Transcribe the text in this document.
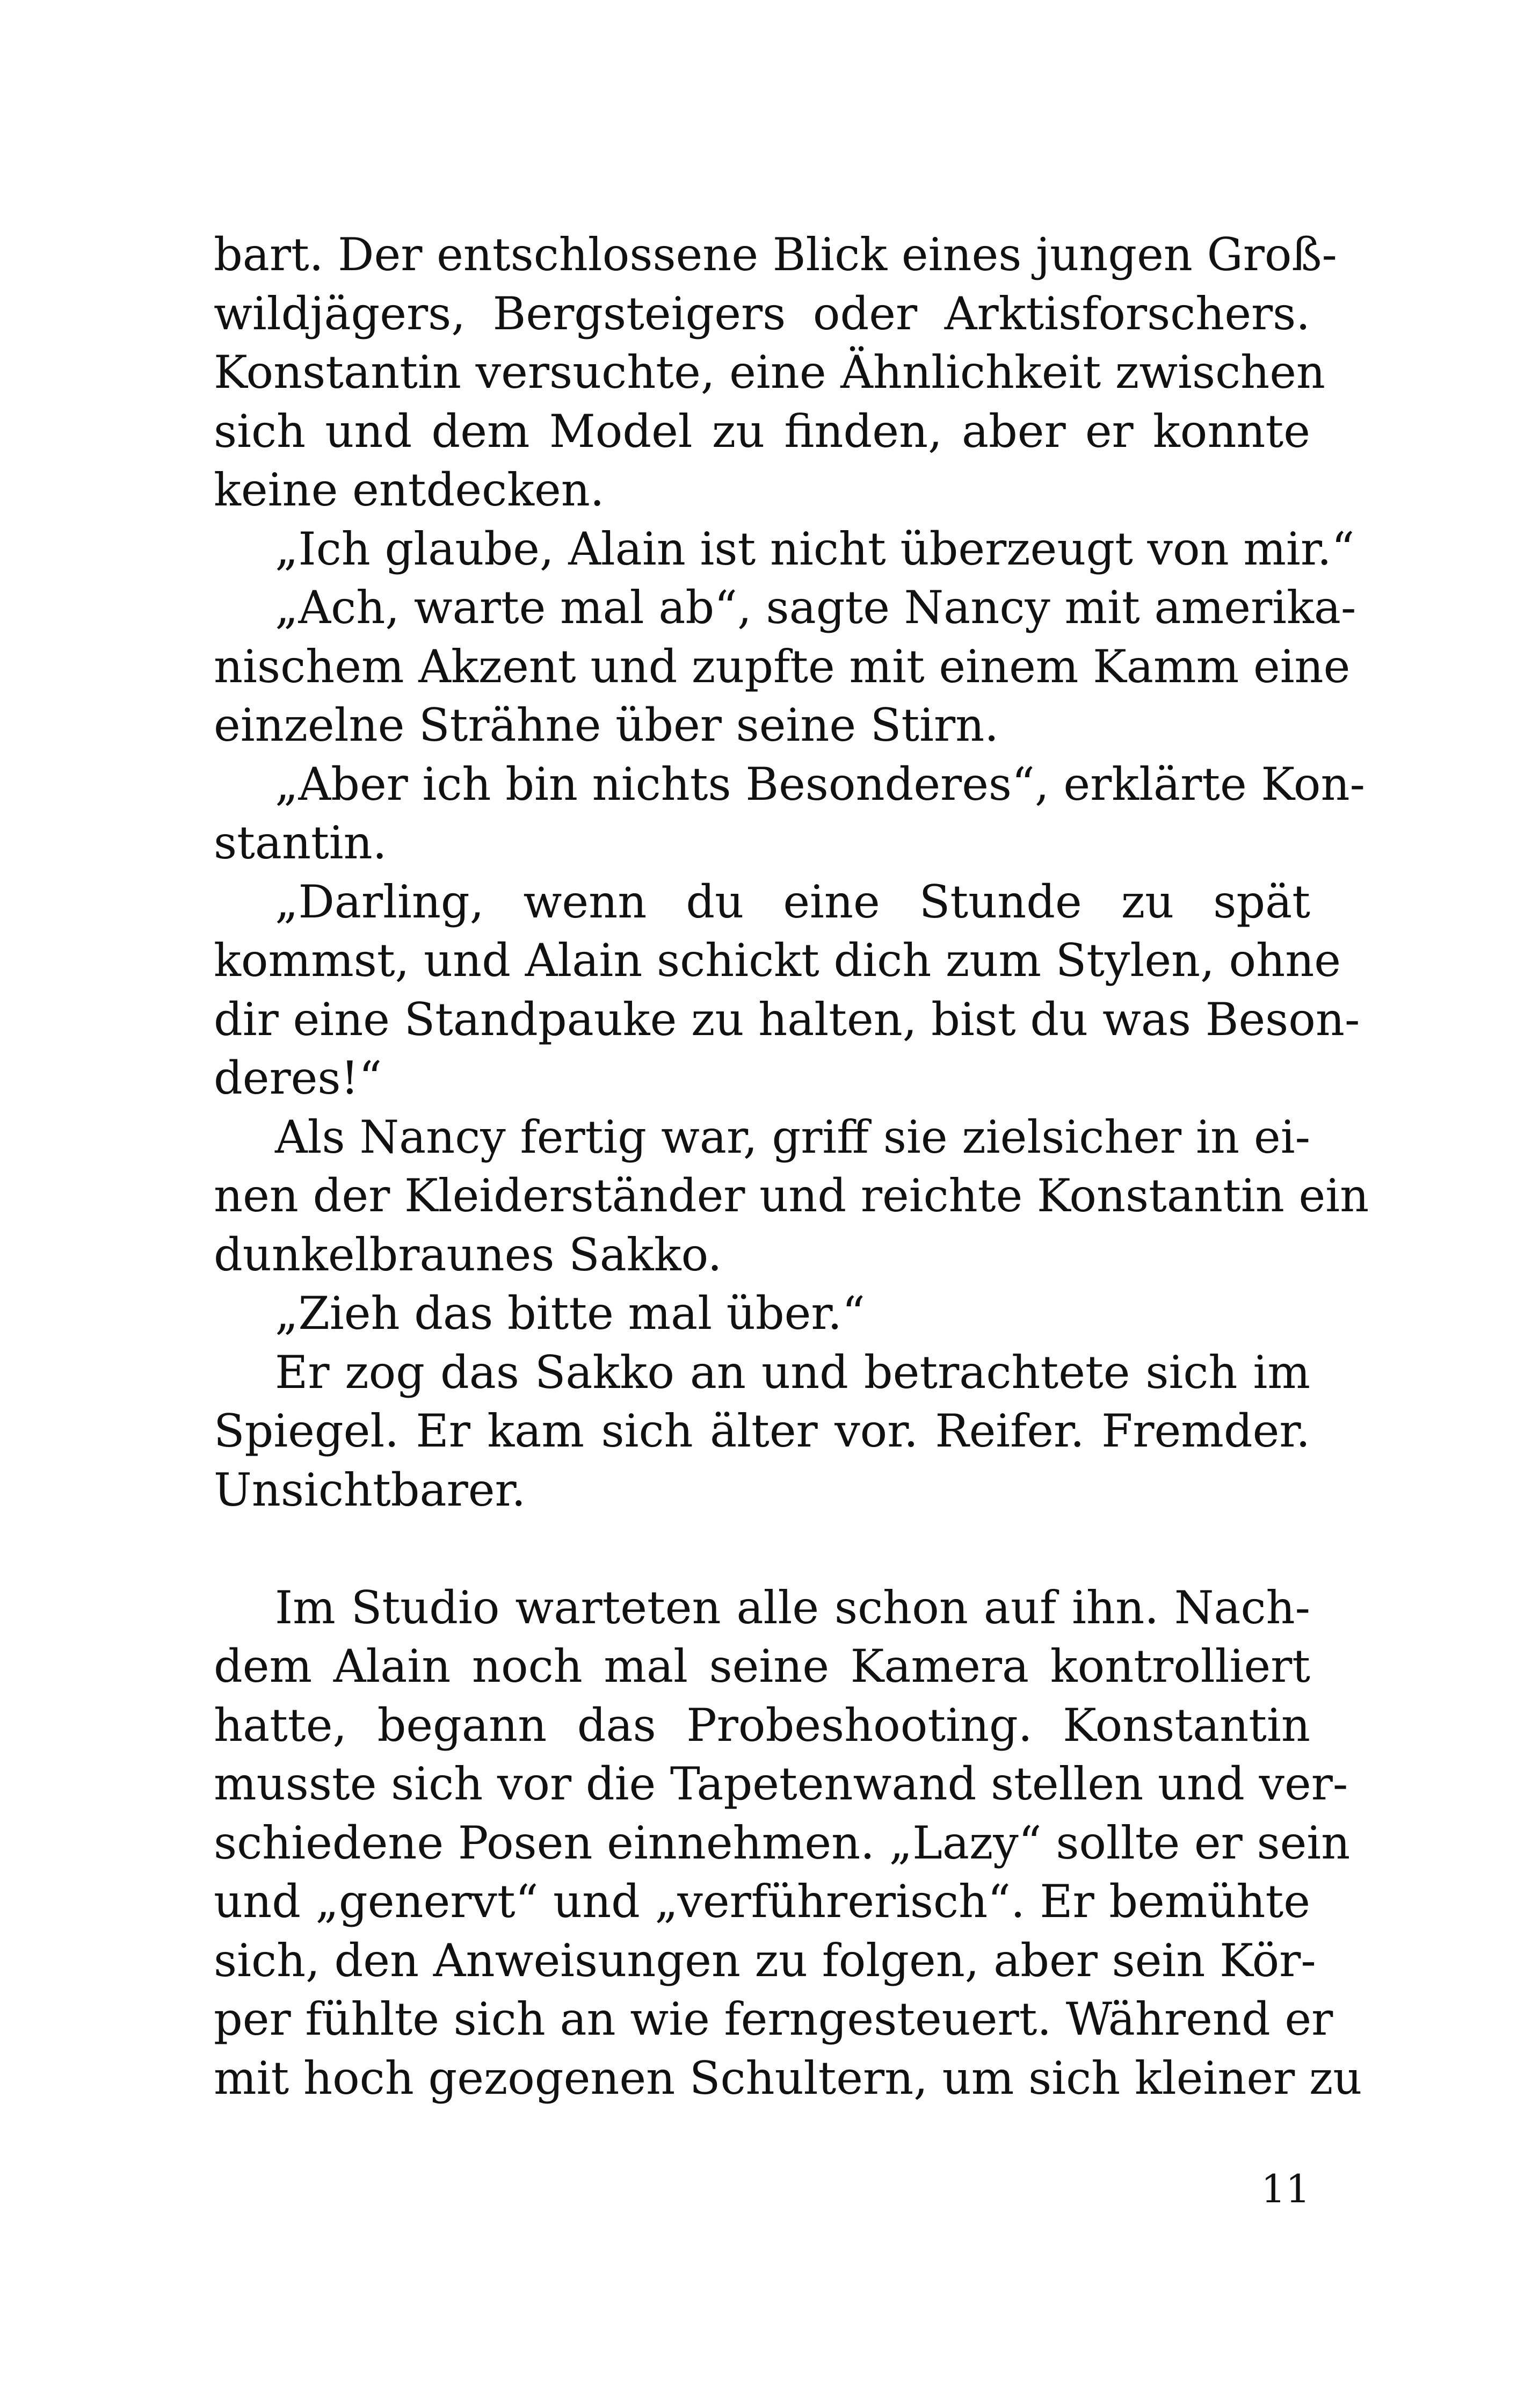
bart. Der entschlossene Blick eines jungen Groß-
wildjägers, Bergsteigers oder Arktisforschers.
Konstantin versuchte, eine Ähnlichkeit zwischen
sich und dem Model zu finden, aber er konnte
keine entdecken.
„Ich glaube, Alain ist nicht überzeugt von mir.“
„Ach, warte mal ab“, sagte Nancy mit amerika-
nischem Akzent und zupfte mit einem Kamm eine
einzelne Strähne über seine Stirn.
„Aber ich bin nichts Besonderes“, erklärte Kon-
stantin.
„Darling, wenn du eine Stunde zu spät
kommst, und Alain schickt dich zum Stylen, ohne
dir eine Standpauke zu halten, bist du was Beson-
deres!“
Als Nancy fertig war, griff sie zielsicher in ei-
nen der Kleiderständer und reichte Konstantin ein
dunkelbraunes Sakko.
„Zieh das bitte mal über.“
Er zog das Sakko an und betrachtete sich im
Spiegel. Er kam sich älter vor. Reifer. Fremder.
Unsichtbarer.
Im Studio warteten alle schon auf ihn. Nach-
dem Alain noch mal seine Kamera kontrolliert
hatte, begann das Probeshooting. Konstantin
musste sich vor die Tapetenwand stellen und ver-
schiedene Posen einnehmen. „Lazy“ sollte er sein
und „genervt“ und „verführerisch“. Er bemühte
sich, den Anweisungen zu folgen, aber sein Kör-
per fühlte sich an wie ferngesteuert. Während er
mit hoch gezogenen Schultern, um sich kleiner zu
11
